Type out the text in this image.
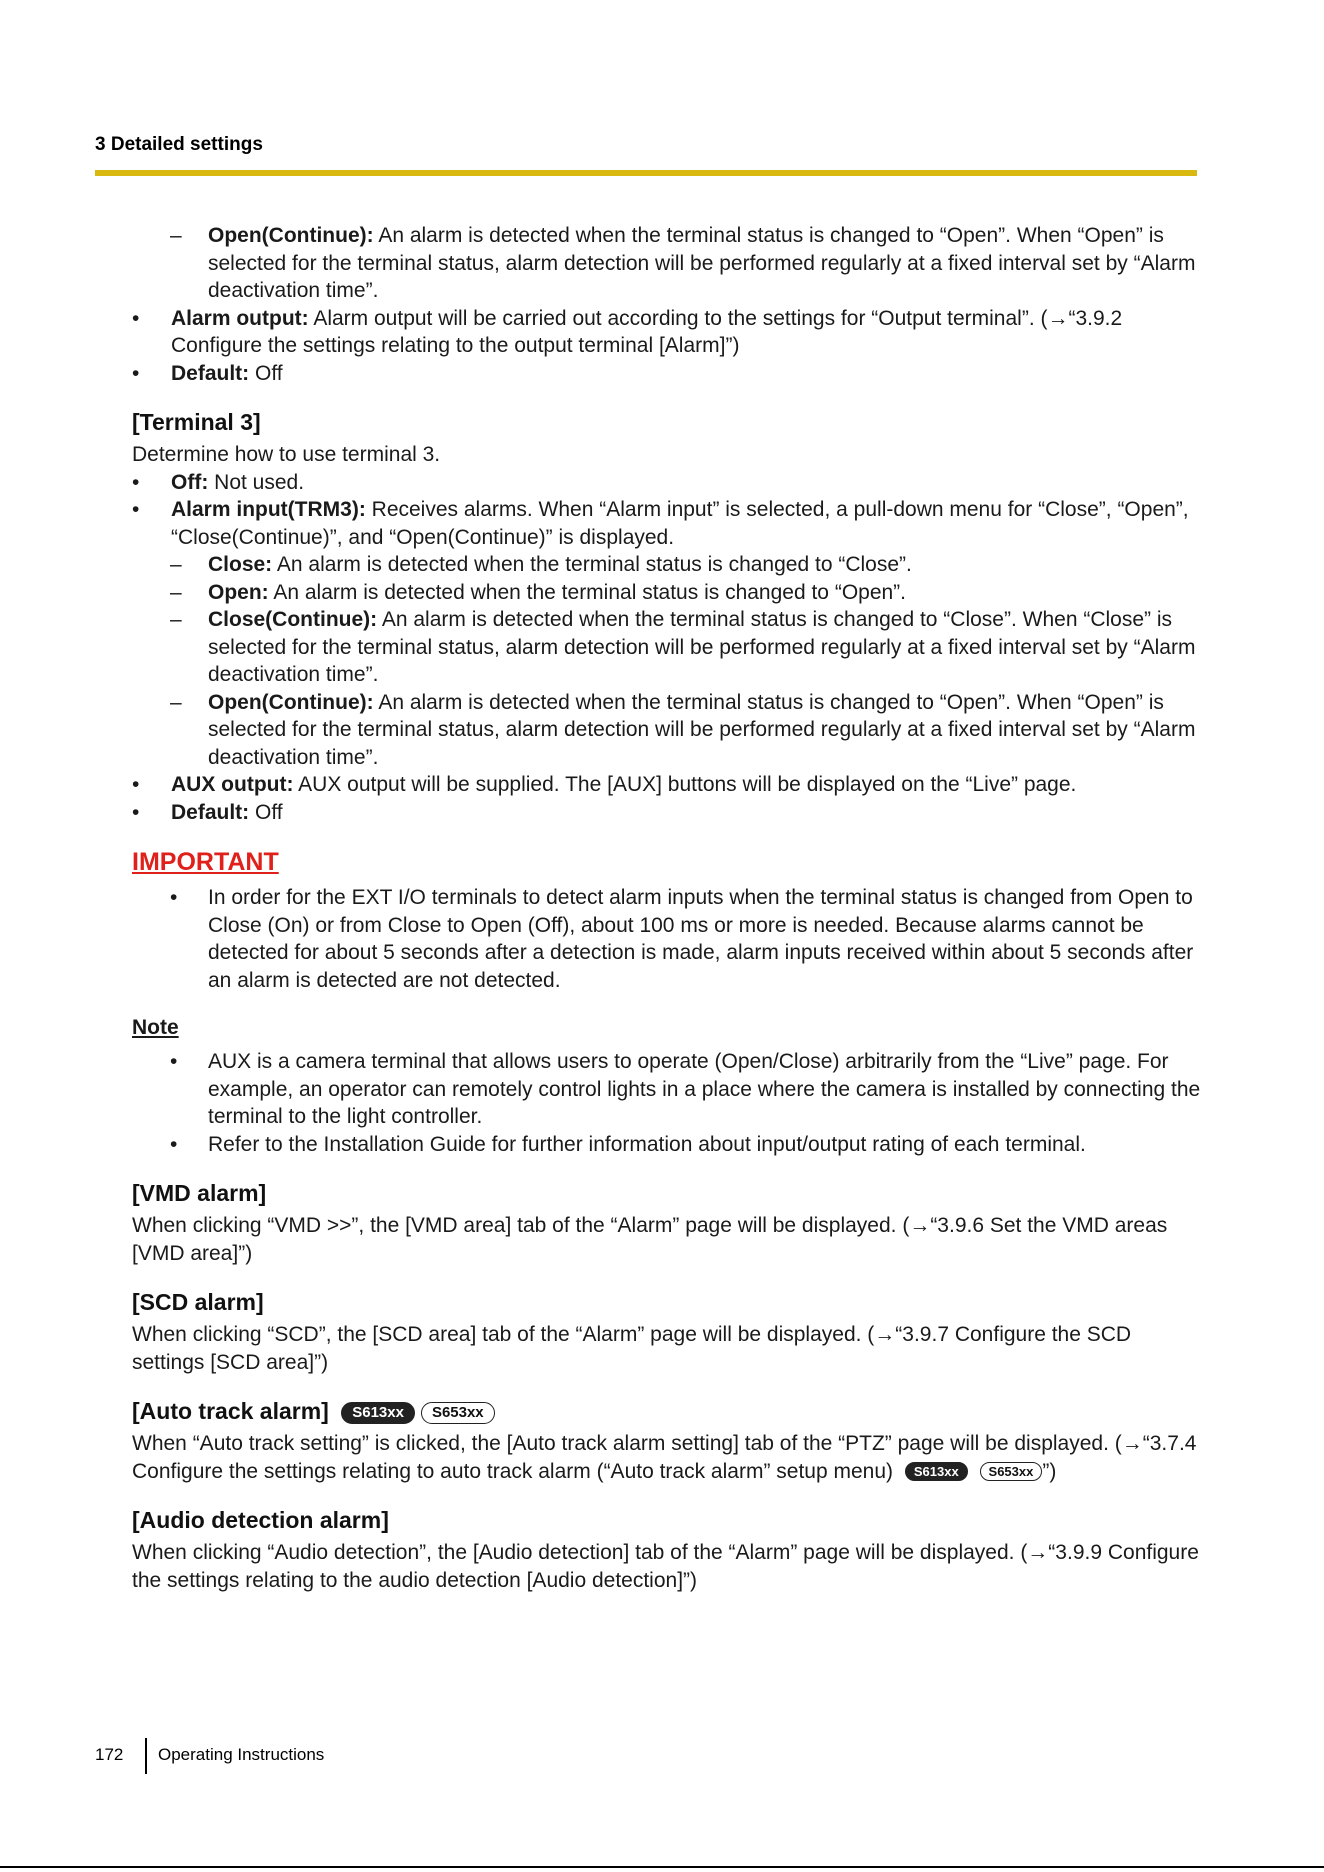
3 Detailed settings

– Open(Continue): An alarm is detected when the terminal status is changed to “Open”. When “Open” is selected for the terminal status, alarm detection will be performed regularly at a fixed interval set by “Alarm deactivation time”.

• Alarm output: Alarm output will be carried out according to the settings for “Output terminal”. (→“3.9.2 Configure the settings relating to the output terminal [Alarm]”)

• Default: Off

[Terminal 3]

Determine how to use terminal 3.

• Off: Not used.

• Alarm input(TRM3): Receives alarms. When “Alarm input” is selected, a pull-down menu for “Close”, “Open”, “Close(Continue)”, and “Open(Continue)” is displayed.

– Close: An alarm is detected when the terminal status is changed to “Close”.

– Open: An alarm is detected when the terminal status is changed to “Open”.

– Close(Continue): An alarm is detected when the terminal status is changed to “Close”. When “Close” is selected for the terminal status, alarm detection will be performed regularly at a fixed interval set by “Alarm deactivation time”.

– Open(Continue): An alarm is detected when the terminal status is changed to “Open”. When “Open” is selected for the terminal status, alarm detection will be performed regularly at a fixed interval set by “Alarm deactivation time”.

• AUX output: AUX output will be supplied. The [AUX] buttons will be displayed on the “Live” page.

• Default: Off

IMPORTANT

• In order for the EXT I/O terminals to detect alarm inputs when the terminal status is changed from Open to Close (On) or from Close to Open (Off), about 100 ms or more is needed. Because alarms cannot be detected for about 5 seconds after a detection is made, alarm inputs received within about 5 seconds after an alarm is detected are not detected.

Note

• AUX is a camera terminal that allows users to operate (Open/Close) arbitrarily from the “Live” page. For example, an operator can remotely control lights in a place where the camera is installed by connecting the terminal to the light controller.

• Refer to the Installation Guide for further information about input/output rating of each terminal.

[VMD alarm]

When clicking “VMD >>”, the [VMD area] tab of the “Alarm” page will be displayed. (→“3.9.6 Set the VMD areas [VMD area]”)

[SCD alarm]

When clicking “SCD”, the [SCD area] tab of the “Alarm” page will be displayed. (→“3.9.7 Configure the SCD settings [SCD area]”)

[Auto track alarm] S613xx S653xx

When “Auto track setting” is clicked, the [Auto track alarm setting] tab of the “PTZ” page will be displayed. (→“3.7.4 Configure the settings relating to auto track alarm (“Auto track alarm” setup menu) S613xx S653xx ”)

[Audio detection alarm]

When clicking “Audio detection”, the [Audio detection] tab of the “Alarm” page will be displayed. (→“3.9.9 Configure the settings relating to the audio detection [Audio detection]”)

172 Operating Instructions
